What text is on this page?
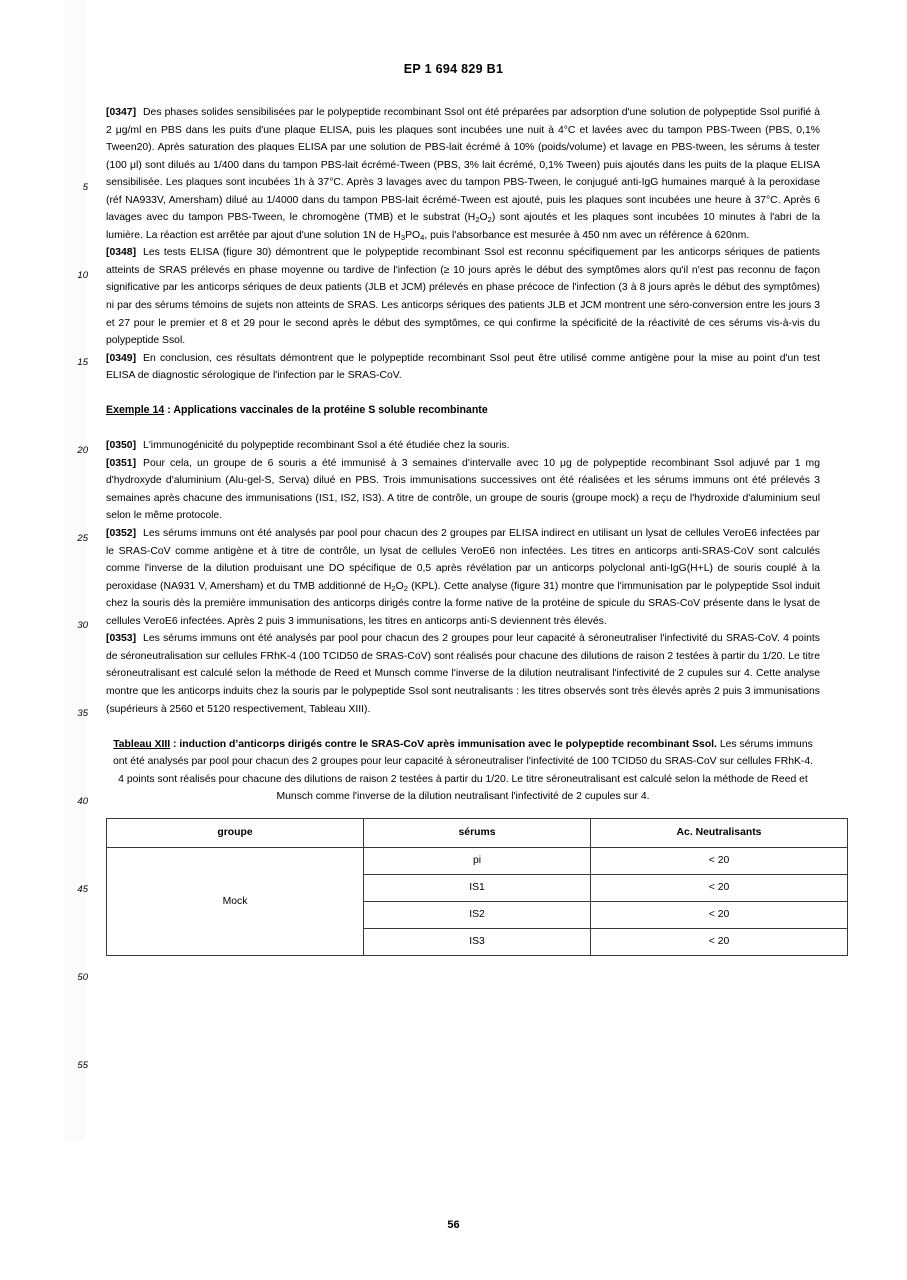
EP 1 694 829 B1
5
10
15
20
25
30
35
40
45
50
55

[0347] Des phases solides sensibilisées par le polypeptide recombinant Ssol ont été préparées par adsorption d'une solution de polypeptide Ssol purifié à 2 μg/ml en PBS dans les puits d'une plaque ELISA, puis les plaques sont incubées une nuit à 4°C et lavées avec du tampon PBS-Tween (PBS, 0,1% Tween20). Après saturation des plaques ELISA par une solution de PBS-lait écrémé à 10% (poids/volume) et lavage en PBS-tween, les sérums à tester (100 μl) sont dilués au 1/400 dans du tampon PBS-lait écrémé-Tween (PBS, 3% lait écrémé, 0,1% Tween) puis ajoutés dans les puits de la plaque ELISA sensibilisée. Les plaques sont incubées 1h à 37°C. Après 3 lavages avec du tampon PBS-Tween, le conjugué anti-IgG humaines marqué à la peroxidase (réf NA933V, Amersham) dilué au 1/4000 dans du tampon PBS-lait écrémé-Tween est ajouté, puis les plaques sont incubées une heure à 37°C. Après 6 lavages avec du tampon PBS-Tween, le chromogène (TMB) et le substrat $(H_2O_2)$ sont ajoutés et les plaques sont incubées 10 minutes à l'abri de la lumière. La réaction est arrêtée par ajout d'une solution 1N de $H_3PO_4$, puis l'absorbance est mesurée à 450 nm avec un référence à 620nm.

[0348] Les tests ELISA (figure 30) démontrent que le polypeptide recombinant Ssol est reconnu spécifiquement par les anticorps sériques de patients atteints de SRAS prélevés en phase moyenne ou tardive de l'infection (≥ 10 jours après le début des symptômes alors qu'il n'est pas reconnu de façon significative par les anticorps sériques de deux patients (JLB et JCM) prélevés en phase précoce de l'infection (3 à 8 jours après le début des symptômes) ni par des sérums témoins de sujets non atteints de SRAS. Les anticorps sériques des patients JLB et JCM montrent une séro-conversion entre les jours 3 et 27 pour le premier et 8 et 29 pour le second après le début des symptômes, ce qui confirme la spécificité de la réactivité de ces sérums vis-à-vis du polypeptide Ssol.

[0349] En conclusion, ces résultats démontrent que le polypeptide recombinant Ssol peut être utilisé comme antigène pour la mise au point d'un test ELISA de diagnostic sérologique de l'infection par le SRAS-CoV.

Exemple 14 : Applications vaccinales de la protéine S soluble recombinante

[0350] L'immunogénicité du polypeptide recombinant Ssol a été étudiée chez la souris.

[0351] Pour cela, un groupe de 6 souris a été immunisé à 3 semaines d'intervalle avec 10 μg de polypeptide recombinant Ssol adjuvé par 1 mg d'hydroxyde d'aluminium (Alu-gel-S, Serva) dilué en PBS. Trois immunisations successives ont été réalisées et les sérums immuns ont été prélevés 3 semaines après chacune des immunisations (IS1, IS2, IS3). A titre de contrôle, un groupe de souris (groupe mock) a reçu de l'hydroxide d'aluminium seul selon le même protocole.

[0352] Les sérums immuns ont été analysés par pool pour chacun des 2 groupes par ELISA indirect en utilisant un lysat de cellules VeroE6 infectées par le SRAS-CoV comme antigène et à titre de contrôle, un lysat de cellules VeroE6 non infectées. Les titres en anticorps anti-SRAS-CoV sont calculés comme l'inverse de la dilution produisant une DO spécifique de 0,5 après révélation par un anticorps polyclonal anti-IgG(H+L) de souris couplé à la peroxidase (NA931 V, Amersham) et du TMB additionné de $H_2O_2$ (KPL). Cette analyse (figure 31) montre que l'immunisation par le polypeptide Ssol induit chez la souris dès la première immunisation des anticorps dirigés contre la forme native de la protéine de spicule du SRAS-CoV présente dans le lysat de cellules VeroE6 infectées. Après 2 puis 3 immunisations, les titres en anticorps anti-S deviennent très élevés.

[0353] Les sérums immuns ont été analysés par pool pour chacun des 2 groupes pour leur capacité à séroneutraliser l'infectivité du SRAS-CoV. 4 points de séroneutralisation sur cellules FRhK-4 (100 TCID50 de SRAS-CoV) sont réalisés pour chacune des dilutions de raison 2 testées à partir du 1/20. Le titre séroneutralisant est calculé selon la méthode de Reed et Munsch comme l'inverse de la dilution neutralisant l'infectivité de 2 cupules sur 4. Cette analyse montre que les anticorps induits chez la souris par le polypeptide Ssol sont neutralisants : les titres observés sont très élevés après 2 puis 3 immunisations (supérieurs à 2560 et 5120 respectivement, Tableau XIII).

Tableau XIII : induction d’anticorps dirigés contre le SRAS-CoV après immunisation avec le polypeptide recombinant Ssol. Les sérums immuns ont été analysés par pool pour chacun des 2 groupes pour leur capacité à séroneutraliser l'infectivité de 100 TCID50 du SRAS-CoV sur cellules FRhK-4. 4 points sont réalisés pour chacune des dilutions de raison 2 testées à partir du 1/20. Le titre séroneutralisant est calculé selon la méthode de Reed et Munsch comme l'inverse de la dilution neutralisant l'infectivité de 2 cupules sur 4.

groupe	sérums	Ac. Neutralisants
Mock	pi	< 20
	IS1	< 20
	IS2	< 20
	IS3	< 20
56
